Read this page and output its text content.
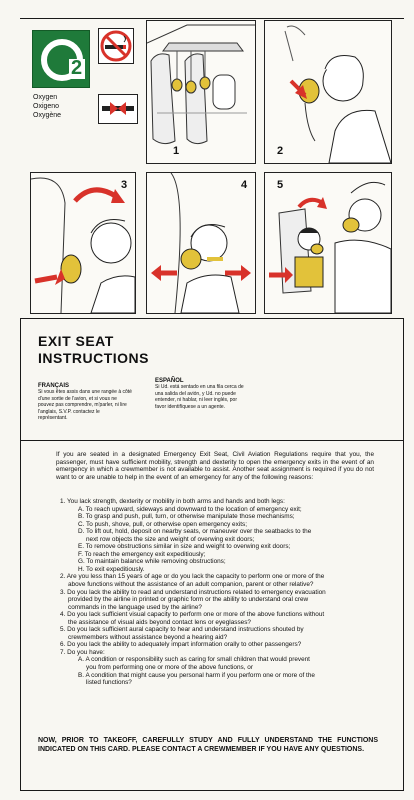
2
Oxygen
Oxigeno
Oxygène
1	2
3	4	5
EXIT SEAT
INSTRUCTIONS
FRANÇAIS
Si vous êtes assis dans une rangée à côté
d'une sortie de l'avion, et si vous ne
pouvez pas comprendre, m'parler, ni lire
l'anglais, S.V.P. contactez le
représentant.
ESPAÑOL
Si Ud. está sentado en una fila cerca de
una salida del avión, y Ud. no puede
entender, ni hablar, ni leer inglés, por
favor identifíquese a un agente.
If you are seated in a designated Emergency Exit Seat, Civil Aviation Regulations require that you, the passenger, must have sufficient mobility, strength and dexterity to open the emergency exits in the event of an emergency in which a crewmember is not available to assist. Another seat assignment is required if you do not want to or are unable to help in the event of an emergency for any of the following reasons:
1. You lack strength, dexterity or mobility in both arms and hands and both legs:
A. To reach upward, sideways and downward to the location of emergency exit;
B. To grasp and push, pull, turn, or otherwise manipulate those mechanisms;
C. To push, shove, pull, or otherwise open emergency exits;
D. To lift out, hold, deposit on nearby seats, or maneuver over the seatbacks to the
next row objects the size and weight of overwing exit doors;
E. To remove obstructions similar in size and weight to overwing exit doors;
F. To reach the emergency exit expeditiously;
G. To maintain balance while removing obstructions;
H. To exit expeditiously.
2. Are you less than 15 years of age or do you lack the capacity to perform one or more of the
above functions without the assistance of an adult companion, parent or other relative?
3. Do you lack the ability to read and understand instructions related to emergency evacuation
provided by the airline in printed or graphic form or the ability to understand oral crew
commands in the language used by the airline?
4. Do you lack sufficient visual capacity to perform one or more of the above functions without
the assistance of visual aids beyond contact lens or eyeglasses?
5. Do you lack sufficient aural capacity to hear and understand instructions shouted by
crewmembers without assistance beyond a hearing aid?
6. Do you lack the ability to adequately impart information orally to other passengers?
7. Do you have:
A. A condition or responsibility such as caring for small children that would prevent
you from performing one or more of the above functions, or
B. A condition that might cause you personal harm if you perform one or more of the
listed functions?
NOW, PRIOR TO TAKEOFF, CAREFULLY STUDY AND FULLY UNDERSTAND THE FUNCTIONS INDICATED ON THIS CARD. PLEASE CONTACT A CREWMEMBER IF YOU HAVE ANY QUESTIONS.
